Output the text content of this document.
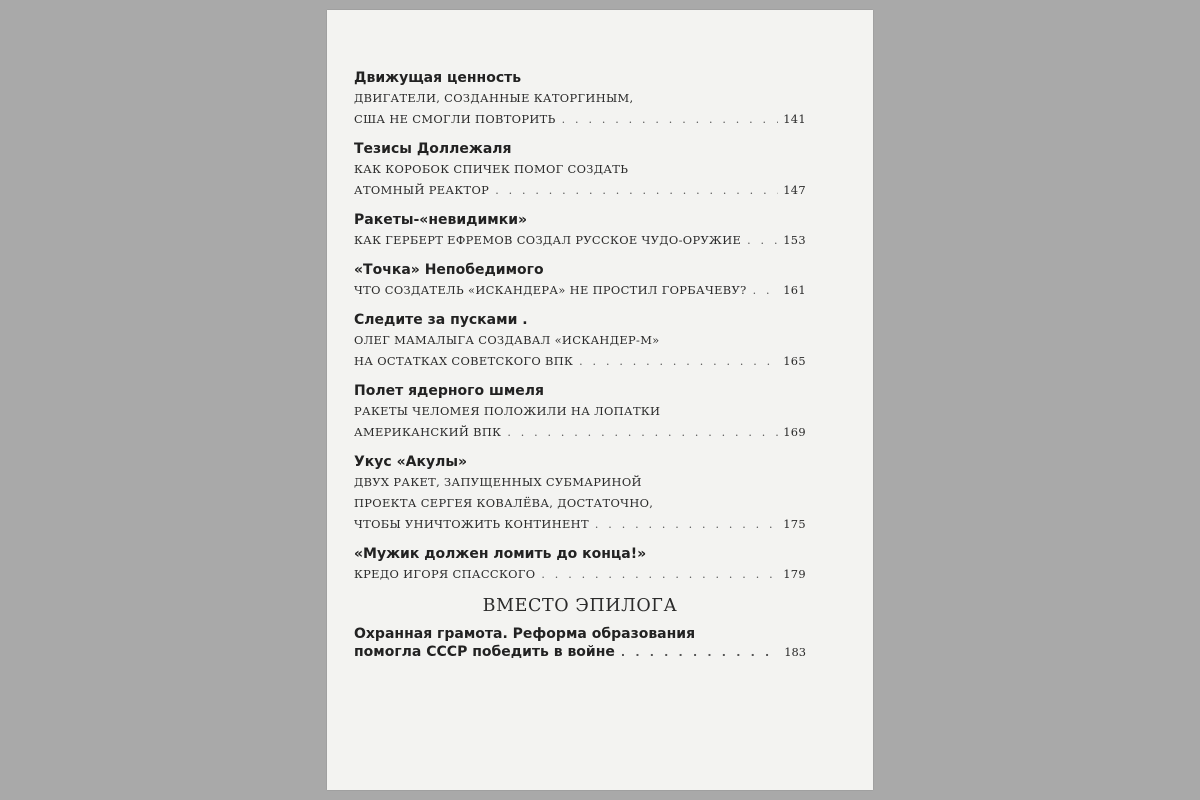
Движущая ценность
ДВИГАТЕЛИ, СОЗДАННЫЕ КАТОРГИНЫМ,
США НЕ СМОГЛИ ПОВТОРИТЬ . . .	141
Тезисы Доллежаля
КАК КОРОБОК СПИЧЕК ПОМОГ СОЗДАТЬ
АТОМНЫЙ РЕАКТОР . . .	147
Ракеты-«невидимки»
КАК ГЕРБЕРТ ЕФРЕМОВ СОЗДАЛ РУССКОЕ ЧУДО-ОРУЖИЕ . . .	153
«Точка» Непобедимого
ЧТО СОЗДАТЕЛЬ «ИСКАНДЕРА» НЕ ПРОСТИЛ ГОРБАЧЕВУ? . . .	161
Следите за пусками .
ОЛЕГ МАМАЛЫГА СОЗДАВАЛ «ИСКАНДЕР-М»
НА ОСТАТКАХ СОВЕТСКОГО ВПК . . .	165
Полет ядерного шмеля
РАКЕТЫ ЧЕЛОМЕЯ ПОЛОЖИЛИ НА ЛОПАТКИ
АМЕРИКАНСКИЙ ВПК . . .	169
Укус «Акулы»
ДВУХ РАКЕТ, ЗАПУЩЕННЫХ СУБМАРИНОЙ
ПРОЕКТА СЕРГЕЯ КОВАЛЁВА, ДОСТАТОЧНО,
ЧТОБЫ УНИЧТОЖИТЬ КОНТИНЕНТ . . .	175
«Мужик должен ломить до конца!»
КРЕДО ИГОРЯ СПАССКОГО . . .	179
ВМЕСТО ЭПИЛОГА
Охранная грамота. Реформа образования
помогла СССР победить в войне . . .	183
